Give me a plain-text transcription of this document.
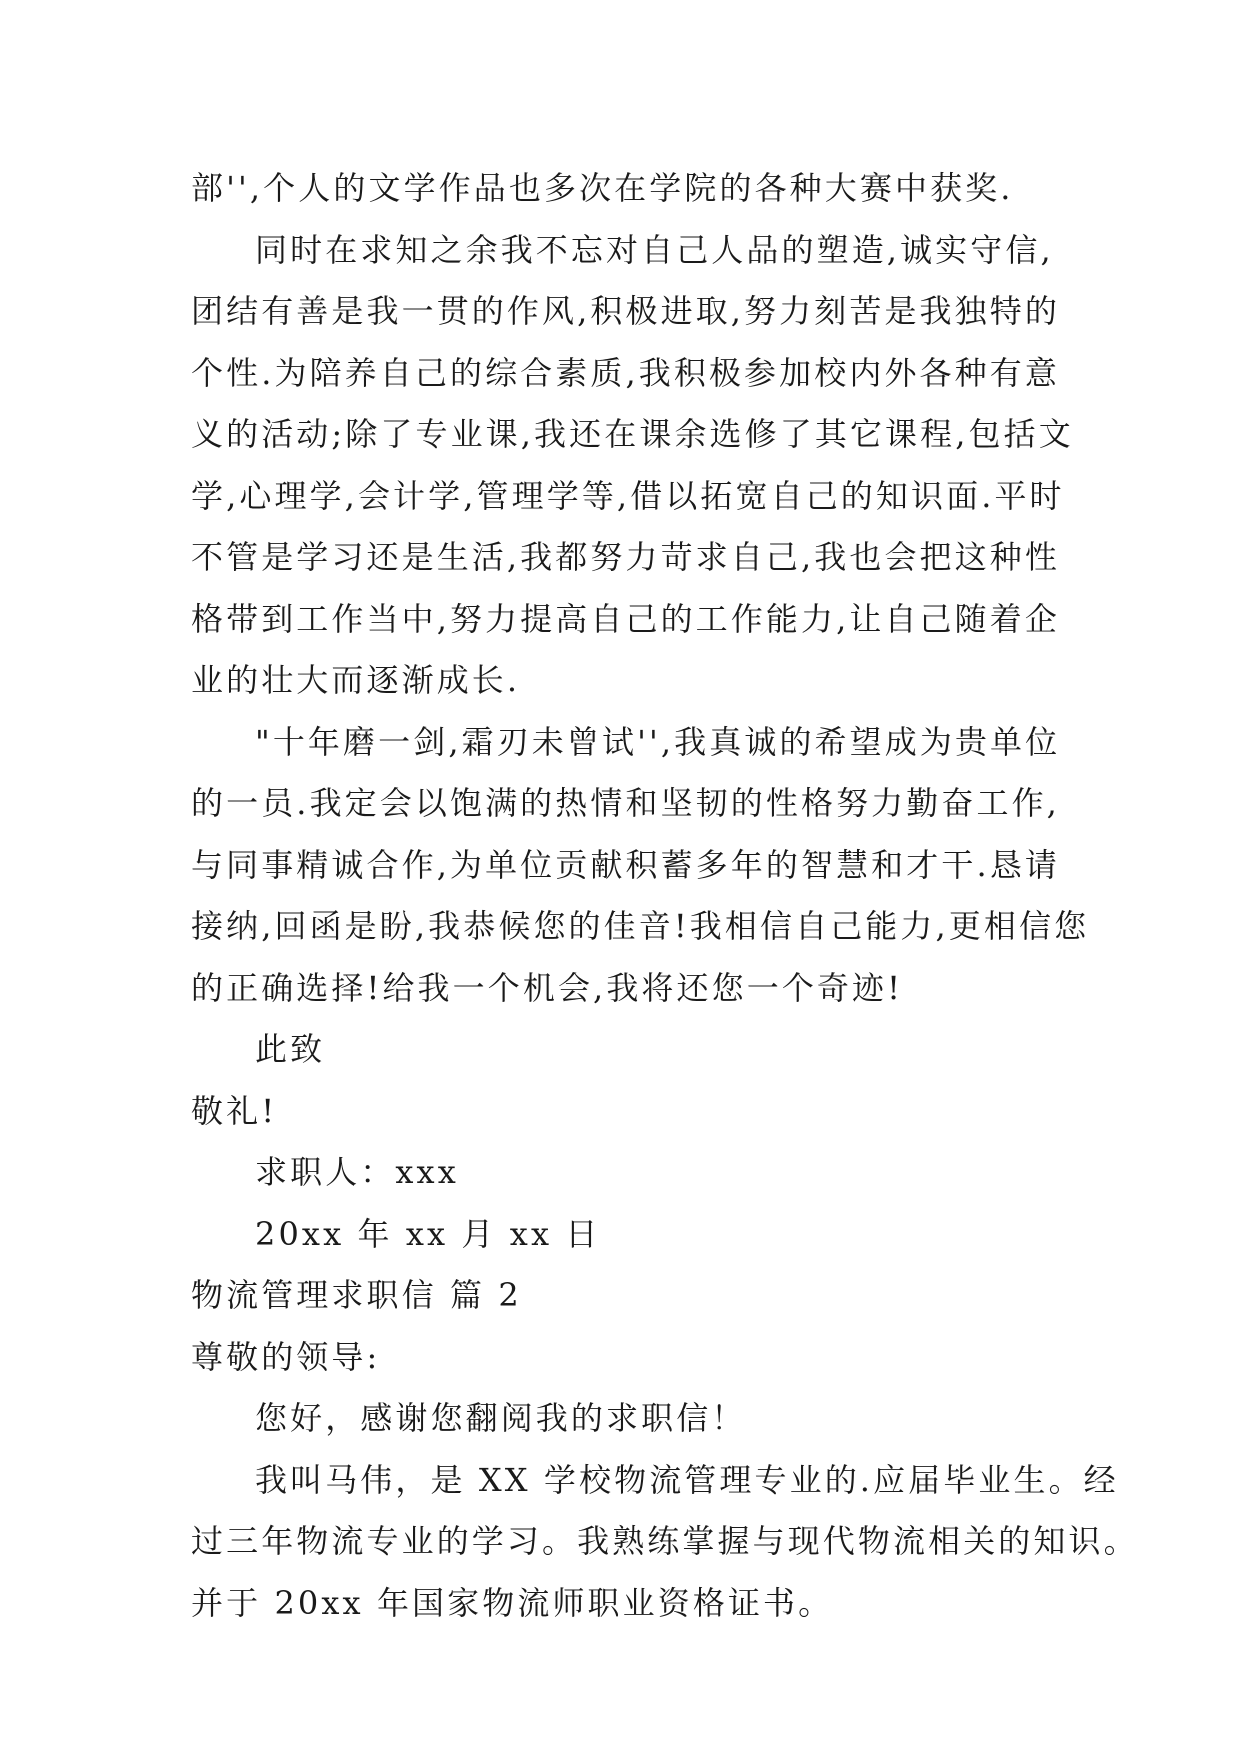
部'',个人的文学作品也多次在学院的各种大赛中获奖.
同时在求知之余我不忘对自己人品的塑造,诚实守信,
团结有善是我一贯的作风,积极进取,努力刻苦是我独特的
个性.为陪养自己的综合素质,我积极参加校内外各种有意
义的活动;除了专业课,我还在课余选修了其它课程,包括文
学,心理学,会计学,管理学等,借以拓宽自己的知识面.平时
不管是学习还是生活,我都努力苛求自己,我也会把这种性
格带到工作当中,努力提高自己的工作能力,让自己随着企
业的壮大而逐渐成长.
"十年磨一剑,霜刃未曾试'',我真诚的希望成为贵单位
的一员.我定会以饱满的热情和坚韧的性格努力勤奋工作,
与同事精诚合作,为单位贡献积蓄多年的智慧和才干.恳请
接纳,回函是盼,我恭候您的佳音!我相信自己能力,更相信您
的正确选择!给我一个机会,我将还您一个奇迹!
此致
敬礼!
求职人：xxx
20xx 年 xx 月 xx 日
物流管理求职信 篇 2
尊敬的领导:
您好，感谢您翻阅我的求职信！
我叫马伟，是 XX 学校物流管理专业的.应届毕业生。经
过三年物流专业的学习。我熟练掌握与现代物流相关的知识。
并于 20xx 年国家物流师职业资格证书。
